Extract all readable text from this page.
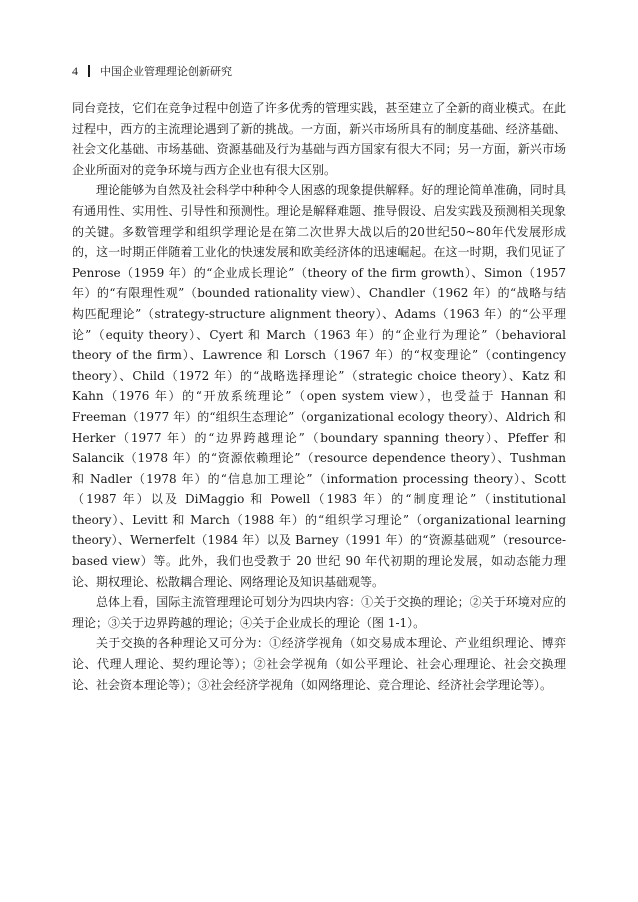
4 中国企业管理理论创新研究

同台竞技，它们在竞争过程中创造了许多优秀的管理实践，甚至建立了全新的商业模式。在此过程中，西方的主流理论遇到了新的挑战。一方面，新兴市场所具有的制度基础、经济基础、社会文化基础、市场基础、资源基础及行为基础与西方国家有很大不同；另一方面，新兴市场企业所面对的竞争环境与西方企业也有很大区别。

理论能够为自然及社会科学中种种令人困惑的现象提供解释。好的理论简单准确，同时具有通用性、实用性、引导性和预测性。理论是解释难题、推导假设、启发实践及预测相关现象的关键。多数管理学和组织学理论是在第二次世界大战以后的20世纪50~80年代发展形成的，这一时期正伴随着工业化的快速发展和欧美经济体的迅速崛起。在这一时期，我们见证了 Penrose（1959 年）的“企业成长理论”（theory of the firm growth）、Simon（1957 年）的“有限理性观”（bounded rationality view）、Chandler（1962 年）的“战略与结构匹配理论”（strategy-structure alignment theory）、Adams（1963 年）的“公平理论”（equity theory）、Cyert 和 March（1963 年）的“企业行为理论”（behavioral theory of the firm）、Lawrence 和 Lorsch（1967 年）的“权变理论”（contingency theory）、Child（1972 年）的“战略选择理论”（strategic choice theory）、Katz 和 Kahn（1976 年）的“开放系统理论”（open system view），也受益于 Hannan 和 Freeman（1977 年）的“组织生态理论”（organizational ecology theory）、Aldrich 和 Herker（1977 年）的“边界跨越理论”（boundary spanning theory）、Pfeffer 和 Salancik（1978 年）的“资源依赖理论”（resource dependence theory）、Tushman 和 Nadler（1978 年）的“信息加工理论”（information processing theory）、Scott（1987 年）以及 DiMaggio 和 Powell（1983 年）的“制度理论”（institutional theory）、Levitt 和 March（1988 年）的“组织学习理论”（organizational learning theory）、Wernerfelt（1984 年）以及 Barney（1991 年）的“资源基础观”（resource-based view）等。此外，我们也受教于 20 世纪 90 年代初期的理论发展，如动态能力理论、期权理论、松散耦合理论、网络理论及知识基础观等。

总体上看，国际主流管理理论可划分为四块内容：①关于交换的理论；②关于环境对应的理论；③关于边界跨越的理论；④关于企业成长的理论（图 1-1）。

关于交换的各种理论又可分为：①经济学视角（如交易成本理论、产业组织理论、博弈论、代理人理论、契约理论等）；②社会学视角（如公平理论、社会心理理论、社会交换理论、社会资本理论等）；③社会经济学视角（如网络理论、竞合理论、经济社会学理论等）。
